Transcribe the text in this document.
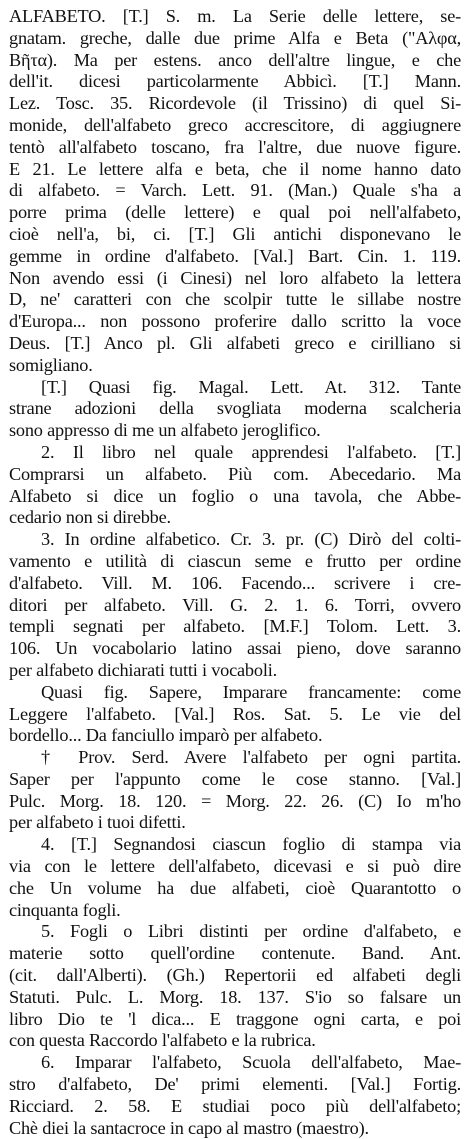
ALFABETO. [T.] S. m. La Serie delle lettere, se-
gnatam. greche, dalle due prime Alfa e Beta ("Αλφα,
Βῆτα). Ma per estens. anco dell'altre lingue, e che
dell'it. dicesi particolarmente Abbicì. [T.] Mann.
Lez. Tosc. 35. Ricordevole (il Trissino) di quel Si-
monide, dell'alfabeto greco accrescitore, di aggiugnere
tentò all'alfabeto toscano, fra l'altre, due nuove figure.
E 21. Le lettere alfa e beta, che il nome hanno dato
di alfabeto. = Varch. Lett. 91. (Man.) Quale s'ha a
porre prima (delle lettere) e qual poi nell'alfabeto,
cioè nell'a, bi, ci. [T.] Gli antichi disponevano le
gemme in ordine d'alfabeto. [Val.] Bart. Cin. 1. 119.
Non avendo essi (i Cinesi) nel loro alfabeto la lettera
D, ne' caratteri con che scolpir tutte le sillabe nostre
d'Europa... non possono proferire dallo scritto la voce
Deus. [T.] Anco pl. Gli alfabeti greco e cirilliano si
somigliano.
[T.] Quasi fig. Magal. Lett. At. 312. Tante
strane adozioni della svogliata moderna scalcheria
sono appresso di me un alfabeto jeroglifico.
2. Il libro nel quale apprendesi l'alfabeto. [T.]
Comprarsi un alfabeto. Più com. Abecedario. Ma
Alfabeto si dice un foglio o una tavola, che Abbe-
cedario non si direbbe.
3. In ordine alfabetico. Cr. 3. pr. (C) Dirò del colti-
vamento e utilità di ciascun seme e frutto per ordine
d'alfabeto. Vill. M. 106. Facendo... scrivere i cre-
ditori per alfabeto. Vill. G. 2. 1. 6. Torri, ovvero
templi segnati per alfabeto. [M.F.] Tolom. Lett. 3.
106. Un vocabolario latino assai pieno, dove saranno
per alfabeto dichiarati tutti i vocaboli.
Quasi fig. Sapere, Imparare francamente: come
Leggere l'alfabeto. [Val.] Ros. Sat. 5. Le vie del
bordello... Da fanciullo imparò per alfabeto.
† Prov. Serd. Avere l'alfabeto per ogni partita.
Saper per l'appunto come le cose stanno. [Val.]
Pulc. Morg. 18. 120. = Morg. 22. 26. (C) Io m'ho
per alfabeto i tuoi difetti.
4. [T.] Segnandosi ciascun foglio di stampa via
via con le lettere dell'alfabeto, dicevasi e si può dire
che Un volume ha due alfabeti, cioè Quarantotto o
cinquanta fogli.
5. Fogli o Libri distinti per ordine d'alfabeto, e
materie sotto quell'ordine contenute. Band. Ant.
(cit. dall'Alberti). (Gh.) Repertorii ed alfabeti degli
Statuti. Pulc. L. Morg. 18. 137. S'io so falsare un
libro Dio te 'l dica... E traggone ogni carta, e poi
con questa Raccordo l'alfabeto e la rubrica.
6. Imparar l'alfabeto, Scuola dell'alfabeto, Mae-
stro d'alfabeto, De' primi elementi. [Val.] Fortig.
Ricciard. 2. 58. E studiai poco più dell'alfabeto;
Chè diei la santacroce in capo al mastro (maestro).
